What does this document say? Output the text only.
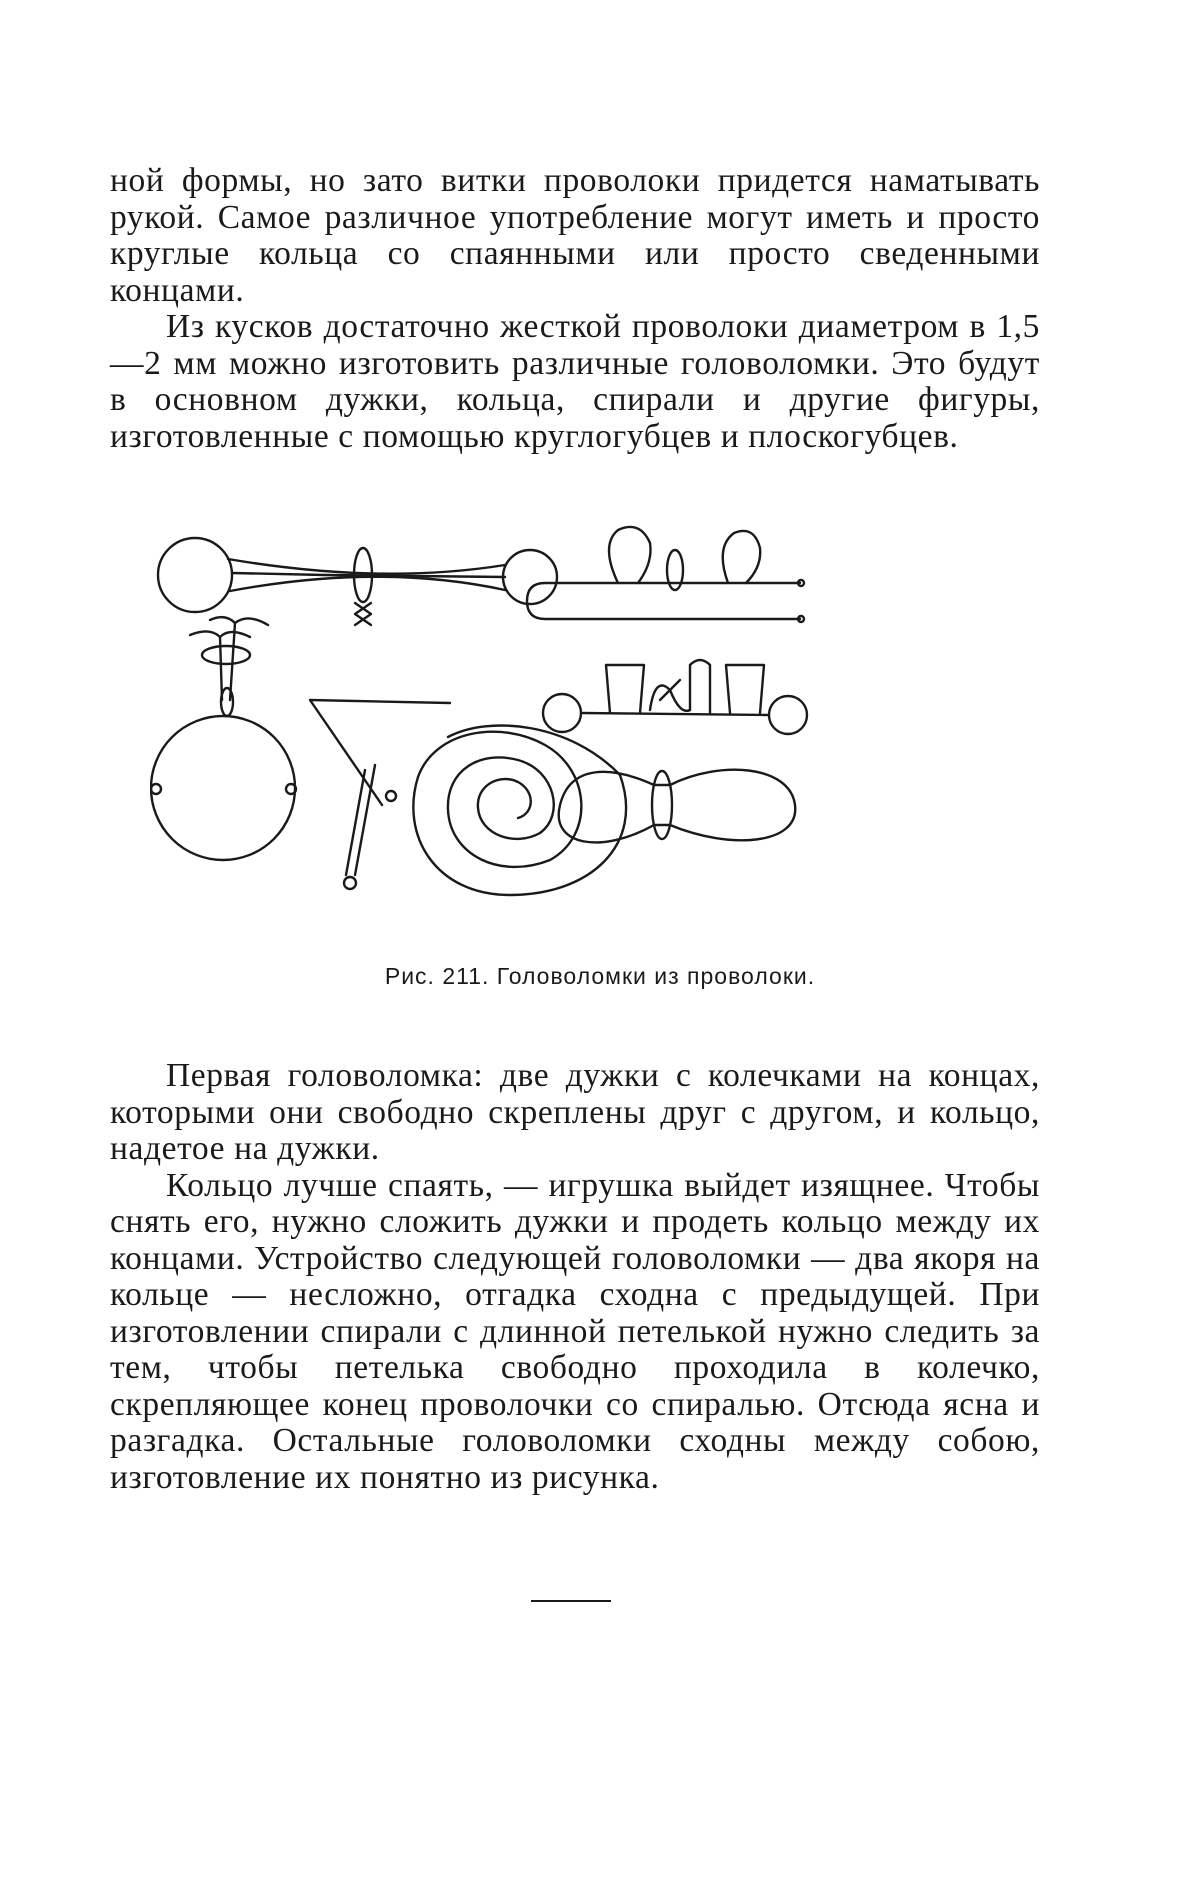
ной формы, но зато витки проволоки придется наматывать рукой. Самое различное употребление могут иметь и просто круглые кольца со спаянными или просто сведенными концами.

Из кусков достаточно жесткой проволоки диаметром в 1,5—2 мм можно изготовить различные головоломки. Это будут в основном дужки, кольца, спирали и другие фигуры, изготовленные с помощью круглогубцев и плоскогубцев.

Рис. 211. Головоломки из проволоки.

Первая головоломка: две дужки с колечками на концах, которыми они свободно скреплены друг с другом, и кольцо, надетое на дужки.

Кольцо лучше спаять, — игрушка выйдет изящнее. Чтобы снять его, нужно сложить дужки и продеть кольцо между их концами. Устройство следующей головоломки — два якоря на кольце — несложно, отгадка сходна с предыдущей. При изготовлении спирали с длинной петелькой нужно следить за тем, чтобы петелька свободно проходила в колечко, скрепляющее конец проволочки со спиралью. Отсюда ясна и разгадка. Остальные головоломки сходны между собою, изготовление их понятно из рисунка.
